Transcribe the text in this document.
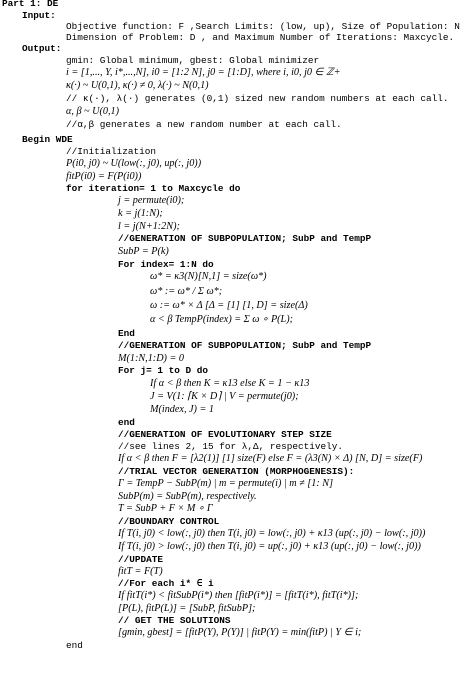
Part 1: DE
Input:
Objective function: F ,Search Limits: (low, up), Size of Population: N
Dimension of Problem: D , and Maximum Number of Iterations: Maxcycle.
Output:
gmin: Global minimum, gbest: Global minimizer
i = [1,..., Υ, i*,...,N], i0 = [1:2 N], j0 = [1:D], where i, i0, j0 ∈ ℤ+
κ(·) ~ U(0,1), κ(·) ≠ 0, λ(·) ~ N(0,1)
// κ(·), λ(·) generates (0,1) sized new random numbers at each call.
α, β ~ U(0,1)
//α,β generates a new random number at each call.
Begin WDE
//Initialization
P(i0, j0) ~ U(low(:, j0), up(:, j0))
fitP(i0) = F(P(i0))
for iteration= 1 to Maxcycle do
j = permute(i0);
k = j(1:N);
l = j(N+1:2N);
//GENERATION OF SUBPOPULATION; SubP and TempP
SubP = P(k)
For index= 1:N do
ω* = κ3(N)[N,1] = size(ω*)
ω* := ω* / Σ ω*;
ω := ω* × Δ [Δ = [1] [1, D] = size(Δ)
α < β TempP(index) = Σ ω ∘ P(L);
End
//GENERATION OF SUBPOPULATION; SubP and TempP
M(1:N,1:D) = 0
For j= 1 to D do
If α < β then K = κ13 else K = 1 − κ13
J = V(1: ⌈K × D⌉ | V = permute(j0);
M(index, J) = 1
end
//GENERATION OF EVOLUTIONARY STEP SIZE
//see lines 2, 15 for λ,Δ, respectively.
If α < β then F = [λ2(1)] [1] size(F) else F = (λ3(N) × Δ) [N, D] = size(F)
//TRIAL VECTOR GENERATION (MORPHOGENESIS):
Γ = TempP − SubP(m) | m = permute(i) | m ≠ [1: N]
SubP(m) = SubP(m), respectively.
T = SubP + F × M ∘ Γ
//BOUNDARY CONTROL
If T(i, j0) < low(:, j0) then T(i, j0) = low(:, j0) + κ13 (up(:, j0) − low(:, j0))
If T(i, j0) > low(:, j0) then T(i, j0) = up(:, j0) + κ13 (up(:, j0) − low(:, j0))
//UPDATE
fitT = F(T)
//For each i* ∈ i
If fitT(i*) < fitSubP(i*) then [fitP(i*)] = [fitT(i*), fitT(i*)];
[P(L), fitP(L)] = [SubP, fitSubP];
// GET THE SOLUTIONS
[gmin, gbest] = [fitP(Υ), P(Υ)] | fitP(Υ) = min(fitP) | Υ ∈ i;
end
